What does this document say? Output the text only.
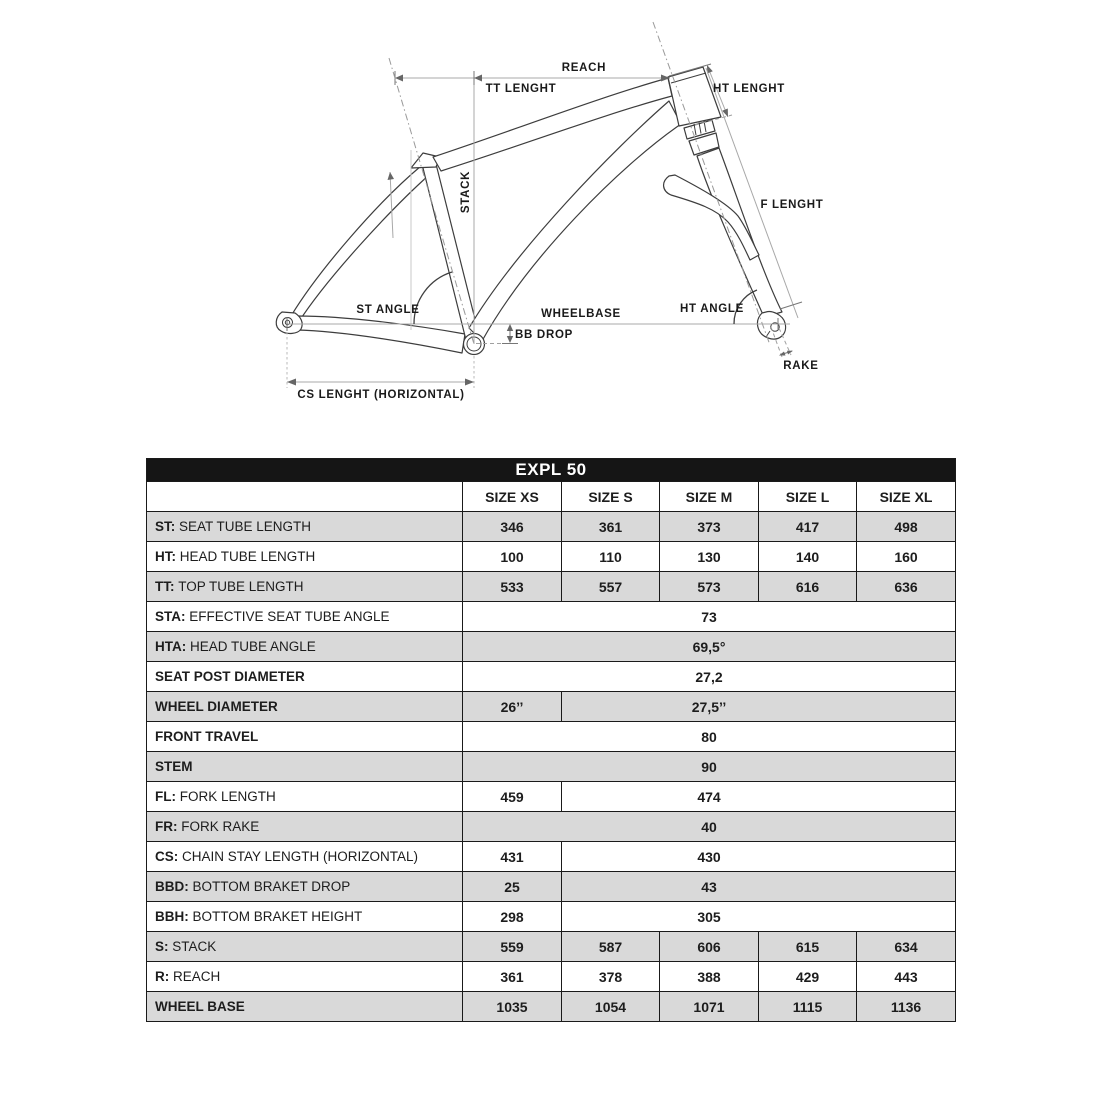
REACH
TT LENGHT	HT LENGHT
STACK	F LENGHT
ST ANGLE	WHEELBASE
BB DROP
HT ANGLE
RAKE
CS LENGHT (HORIZONTAL)
EXPL 50					
	SIZE XS	SIZE S	SIZE M	SIZE L	SIZE XL
ST: SEAT TUBE LENGTH	346	361	373	417	498
HT: HEAD TUBE LENGTH	100	110	130	140	160
TT: TOP TUBE LENGTH	533	557	573	616	636
STA: EFFECTIVE SEAT TUBE ANGLE	73				
HTA: HEAD TUBE ANGLE	69,5°				
SEAT POST DIAMETER	27,2				
WHEEL DIAMETER	26’’	27,5’’			
FRONT TRAVEL	80				
STEM	90				
FL: FORK LENGTH	459	474			
FR: FORK RAKE	40				
CS: CHAIN STAY LENGTH (HORIZONTAL)	431	430			
BBD: BOTTOM BRAKET DROP	25	43			
BBH: BOTTOM BRAKET HEIGHT	298	305			
S: STACK	559	587	606	615	634
R: REACH	361	378	388	429	443
WHEEL BASE	1035	1054	1071	1115	1136
